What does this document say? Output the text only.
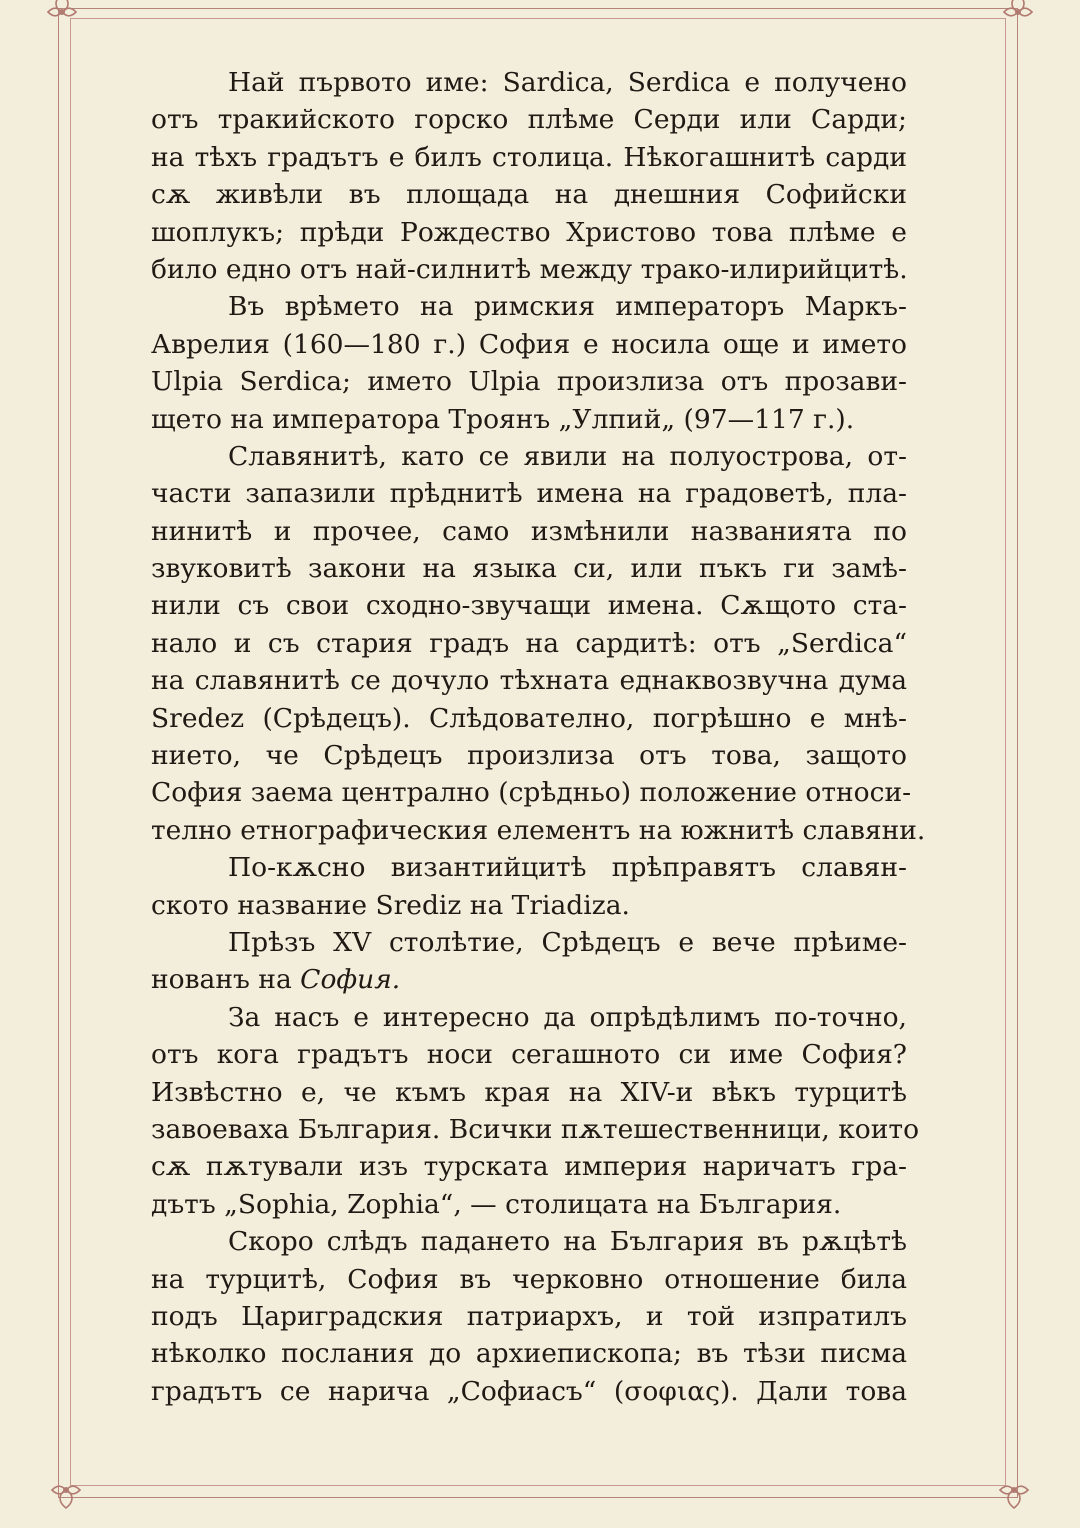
Най първото име: Sardica, Serdica е получено
отъ тракийското горско плѣме Серди или Сарди;
на тѣхъ градътъ е билъ столица. Нѣкогашнитѣ сарди
сѫ живѣли въ площада на днешния Софийски
шоплукъ; прѣди Рождество Христово това плѣме е
било едно отъ най-силнитѣ между трако-илирийцитѣ.
Въ врѣмето на римския императоръ Маркъ-
Аврелия (160—180 г.) София е носила още и името
Ulpia Serdica; името Ulpia произлиза отъ прозави-
щето на императора Троянъ „Улпий„ (97—117 г.).
Славянитѣ, като се явили на полуострова, от-
части запазили прѣднитѣ имена на градоветѣ, пла-
нинитѣ и прочее, само измѣнили названията по
звуковитѣ закони на языка си, или пъкъ ги замѣ-
нили съ свои сходно-звучащи имена. Сѫщото ста-
нало и съ стария градъ на сардитѣ: отъ „Serdica“
на славянитѣ се дочуло тѣхната еднаквозвучна дума
Sredez (Срѣдецъ). Слѣдователно, погрѣшно е мнѣ-
нието, че Срѣдецъ произлиза отъ това, защото
София заема централно (срѣдньо) положение относи-
телно етнографическия елементъ на южнитѣ славяни.
По-кѫсно византийцитѣ прѣправятъ славян-
ското название Srediz на Triadiza.
Прѣзъ XV столѣтие, Срѣдецъ е вече прѣиме-
нованъ на София.
За насъ е интересно да опрѣдѣлимъ по-точно,
отъ кога градътъ носи сегашното си име София?
Извѣстно е, че къмъ края на XIV-и вѣкъ турцитѣ
завоеваха България. Всички пѫтешественници, които
сѫ пѫтували изъ турската империя наричатъ гра-
дътъ „Sophia, Zophia“, — столицата на България.
Скоро слѣдъ падането на България въ рѫцѣтѣ
на турцитѣ, София въ черковно отношение била
подъ Цариградския патриархъ, и той изпратилъ
нѣколко послания до архиепископа; въ тѣзи писма
градътъ се нарича „Софиасъ“ (σοφιας). Дали това
